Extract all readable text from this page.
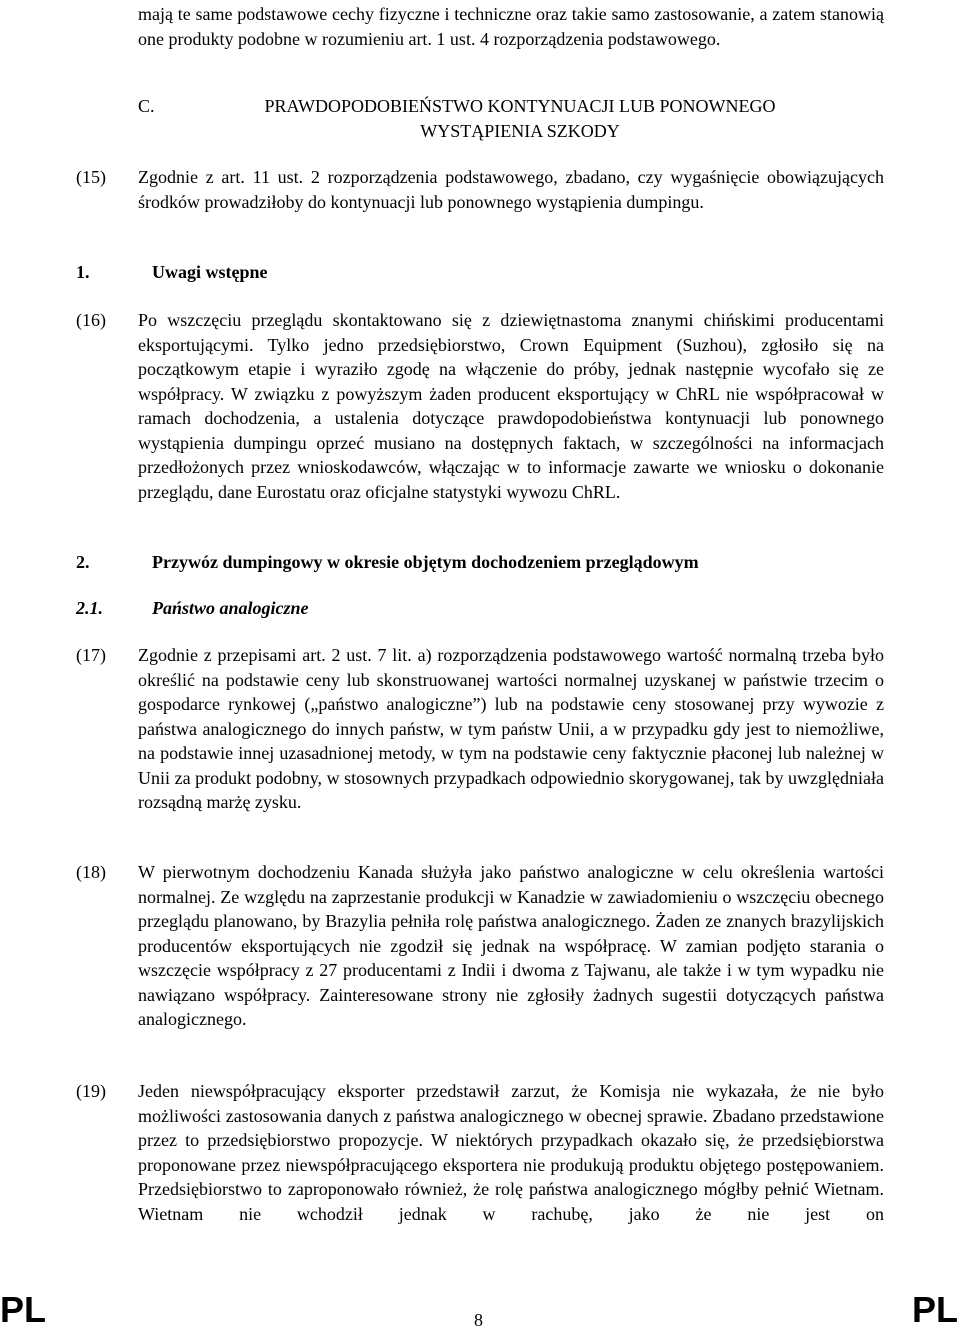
mają te same podstawowe cechy fizyczne i techniczne oraz takie samo zastosowanie, a zatem stanowią one produkty podobne w rozumieniu art. 1 ust. 4 rozporządzenia podstawowego.

C.	PRAWDOPODOBIEŃSTWO KONTYNUACJI LUB PONOWNEGO

WYSTĄPIENIA SZKODY

(15) Zgodnie z art. 11 ust. 2 rozporządzenia podstawowego, zbadano, czy wygaśnięcie obowiązujących środków prowadziłoby do kontynuacji lub ponownego wystąpienia dumpingu.

1.	Uwagi wstępne

(16) Po wszczęciu przeglądu skontaktowano się z dziewiętnastoma znanymi chińskimi producentami eksportującymi. Tylko jedno przedsiębiorstwo, Crown Equipment (Suzhou), zgłosiło się na początkowym etapie i wyraziło zgodę na włączenie do próby, jednak następnie wycofało się ze współpracy. W związku z powyższym żaden producent eksportujący w ChRL nie współpracował w ramach dochodzenia, a ustalenia dotyczące prawdopodobieństwa kontynuacji lub ponownego wystąpienia dumpingu oprzeć musiano na dostępnych faktach, w szczególności na informacjach przedłożonych przez wnioskodawców, włączając w to informacje zawarte we wniosku o dokonanie przeglądu, dane Eurostatu oraz oficjalne statystyki wywozu ChRL.

2.	Przywóz dumpingowy w okresie objętym dochodzeniem przeglądowym

2.1.	Państwo analogiczne

(17) Zgodnie z przepisami art. 2 ust. 7 lit. a) rozporządzenia podstawowego wartość normalną trzeba było określić na podstawie ceny lub skonstruowanej wartości normalnej uzyskanej w państwie trzecim o gospodarce rynkowej („państwo analogiczne”) lub na podstawie ceny stosowanej przy wywozie z państwa analogicznego do innych państw, w tym państw Unii, a w przypadku gdy jest to niemożliwe, na podstawie innej uzasadnionej metody, w tym na podstawie ceny faktycznie płaconej lub należnej w Unii za produkt podobny, w stosownych przypadkach odpowiednio skorygowanej, tak by uwzględniała rozsądną marżę zysku.

(18) W pierwotnym dochodzeniu Kanada służyła jako państwo analogiczne w celu określenia wartości normalnej. Ze względu na zaprzestanie produkcji w Kanadzie w zawiadomieniu o wszczęciu obecnego przeglądu planowano, by Brazylia pełniła rolę państwa analogicznego. Żaden ze znanych brazylijskich producentów eksportujących nie zgodził się jednak na współpracę. W zamian podjęto starania o wszczęcie współpracy z 27 producentami z Indii i dwoma z Tajwanu, ale także i w tym wypadku nie nawiązano współpracy. Zainteresowane strony nie zgłosiły żadnych sugestii dotyczących państwa analogicznego.

(19) Jeden niewspółpracujący eksporter przedstawił zarzut, że Komisja nie wykazała, że nie było możliwości zastosowania danych z państwa analogicznego w obecnej sprawie. Zbadano przedstawione przez to przedsiębiorstwo propozycje. W niektórych przypadkach okazało się, że przedsiębiorstwa proponowane przez niewspółpracującego eksportera nie produkują produktu objętego postępowaniem. Przedsiębiorstwo to zaproponowało również, że rolę państwa analogicznego mógłby pełnić Wietnam. Wietnam nie wchodził jednak w rachubę, jako że nie jest on

PL	8	PL
